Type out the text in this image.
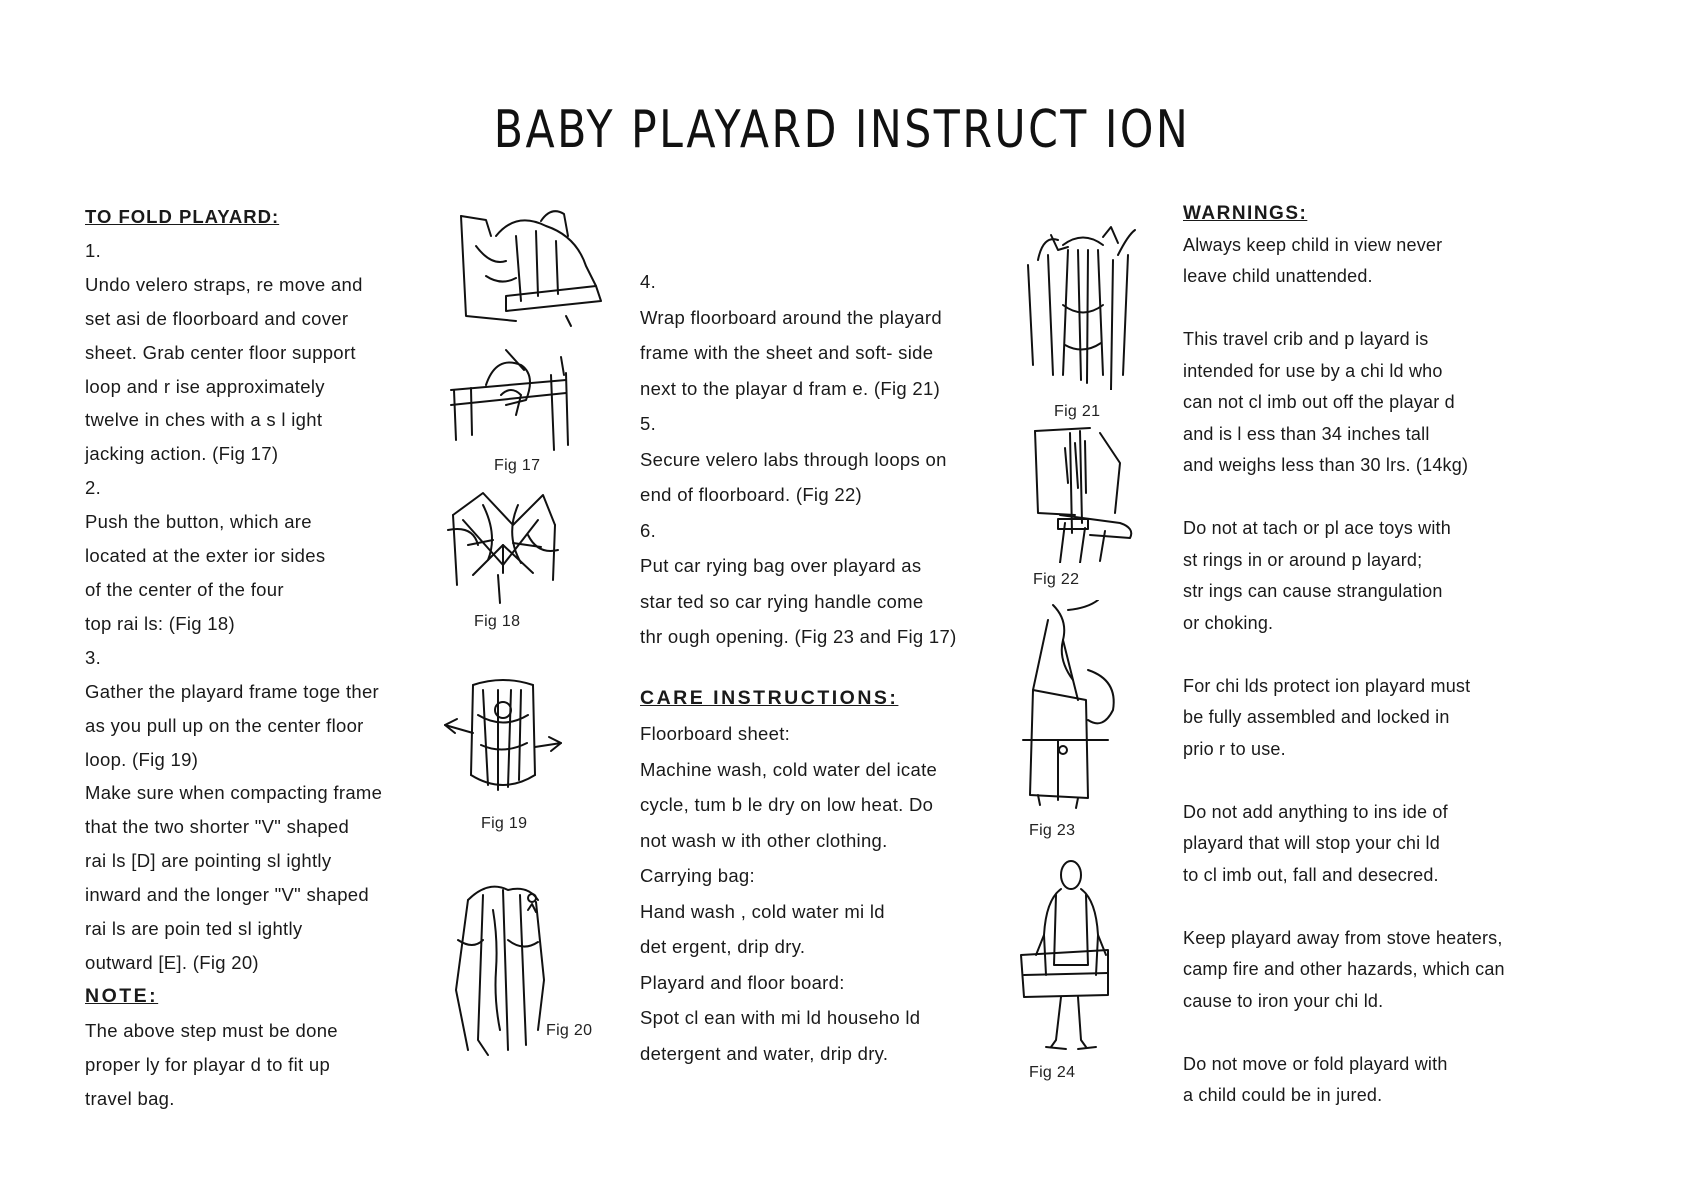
BABY PLAYARD INSTRUCT ION
TO FOLD PLAYARD:
1.
Undo velero straps, re move and
set asi de floorboard and cover
sheet. Grab center floor support
loop and r ise approximately
twelve in ches with a s l ight
jacking action. (Fig 17)
2.
Push the button, which are
located at the exter ior sides
of the center of the four
top rai ls: (Fig 18)
3.
Gather the playard frame toge ther
as you pull up on the center floor
loop. (Fig 19)
Make sure when compacting frame
that the two shorter "V" shaped
rai ls [D] are pointing sl ightly
inward and the longer "V" shaped
rai ls are poin ted sl ightly
outward [E]. (Fig 20)
NOTE:
The above step must be done
proper ly for playar d to fit up
travel bag.
4.
Wrap floorboard around the playard
frame with the sheet and soft- side
next to the playar d fram e. (Fig 21)
5.
Secure velero labs through loops on
end of floorboard. (Fig 22)
6.
Put car rying bag over playard as
star ted so car rying handle come
thr ough opening. (Fig 23 and Fig 17)
CARE INSTRUCTIONS:
Floorboard sheet:
Machine wash, cold water del icate
cycle, tum b le dry on low heat. Do
not wash w ith other clothing.
Carrying bag:
Hand wash , cold water mi ld
det ergent, drip dry.
Playard and floor board:
Spot cl ean with mi ld househo ld
detergent and water, drip dry.
WARNINGS:
Always keep child in view never
leave child unattended.
This travel crib and p layard is
intended for use by a chi ld who
can not cl imb out off the playar d
and is l ess than 34 inches tall
and weighs less than 30 lrs. (14kg)
Do not at tach or pl ace toys with
st rings in or around p layard;
str ings can cause strangulation
or choking.
For chi lds protect ion playard must
be fully assembled and locked in
prio r to use.
Do not add anything to ins ide of
playard that will stop your chi ld
to cl imb out, fall and desecred.
Keep playard away from stove heaters,
camp fire and other hazards, which can
cause to iron your chi ld.
Do not move or fold playard with
a child could be in jured.
Fig 17
Fig 18
Fig 19
Fig 20
Fig 21
Fig 22
Fig 23
Fig 24
